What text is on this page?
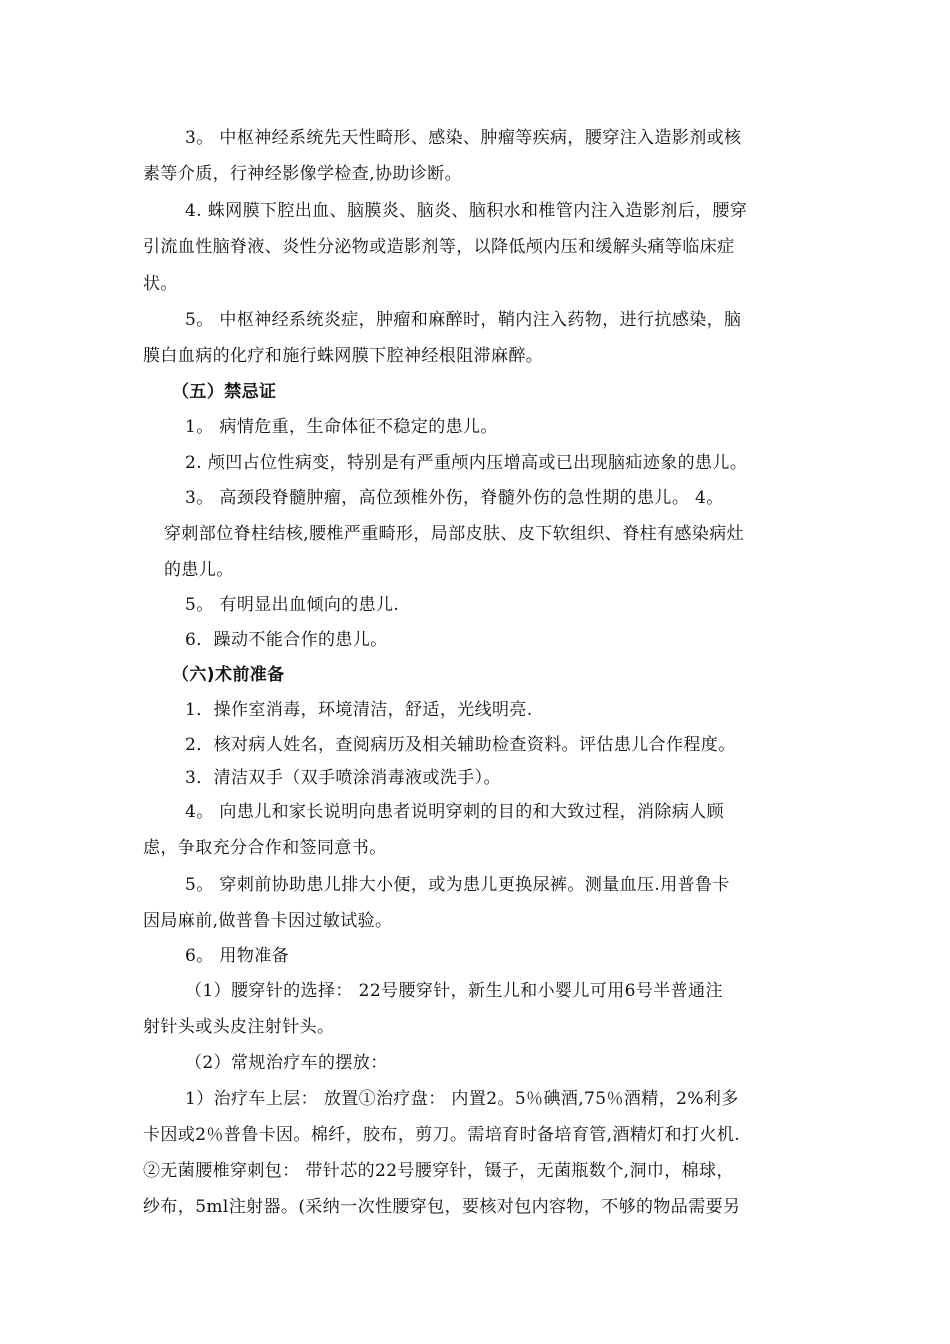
3。 中枢神经系统先天性畸形、感染、肿瘤等疾病，腰穿注入造影剂或核
素等介质，行神经影像学检查,协助诊断。
4. 蛛网膜下腔出血、脑膜炎、脑炎、脑积水和椎管内注入造影剂后，腰穿
引流血性脑脊液、炎性分泌物或造影剂等，以降低颅内压和缓解头痛等临床症
状。
5。 中枢神经系统炎症，肿瘤和麻醉时，鞘内注入药物，进行抗感染，脑
膜白血病的化疗和施行蛛网膜下腔神经根阻滞麻醉。
（五）禁忌证
1。 病情危重，生命体征不稳定的患儿。
2. 颅凹占位性病变，特别是有严重颅内压增高或已出现脑疝迹象的患儿。
3。 高颈段脊髓肿瘤，高位颈椎外伤，脊髓外伤的急性期的患儿。 4。
穿刺部位脊柱结核,腰椎严重畸形，局部皮肤、皮下软组织、脊柱有感染病灶
的患儿。
5。 有明显出血倾向的患儿.
6．躁动不能合作的患儿。
（六)术前准备
1．操作室消毒，环境清洁，舒适，光线明亮.
2．核对病人姓名，查阅病历及相关辅助检查资料。评估患儿合作程度。
3．清洁双手（双手喷涂消毒液或洗手）。
4。 向患儿和家长说明向患者说明穿刺的目的和大致过程，消除病人顾
虑，争取充分合作和签同意书。
5。 穿刺前协助患儿排大小便，或为患儿更换尿裤。测量血压.用普鲁卡
因局麻前,做普鲁卡因过敏试验。
6。 用物准备
（1）腰穿针的选择： 22号腰穿针，新生儿和小婴儿可用6号半普通注
射针头或头皮注射针头。
（2）常规治疗车的摆放：
1）治疗车上层： 放置①治疗盘： 内置2。5％碘酒,75％酒精，2%利多
卡因或2％普鲁卡因。棉纤，胶布，剪刀。需培育时备培育管,酒精灯和打火机.
②无菌腰椎穿刺包： 带针芯的22号腰穿针，镊子，无菌瓶数个,洞巾，棉球，
纱布，5ml注射器。(采纳一次性腰穿包，要核对包内容物，不够的物品需要另
